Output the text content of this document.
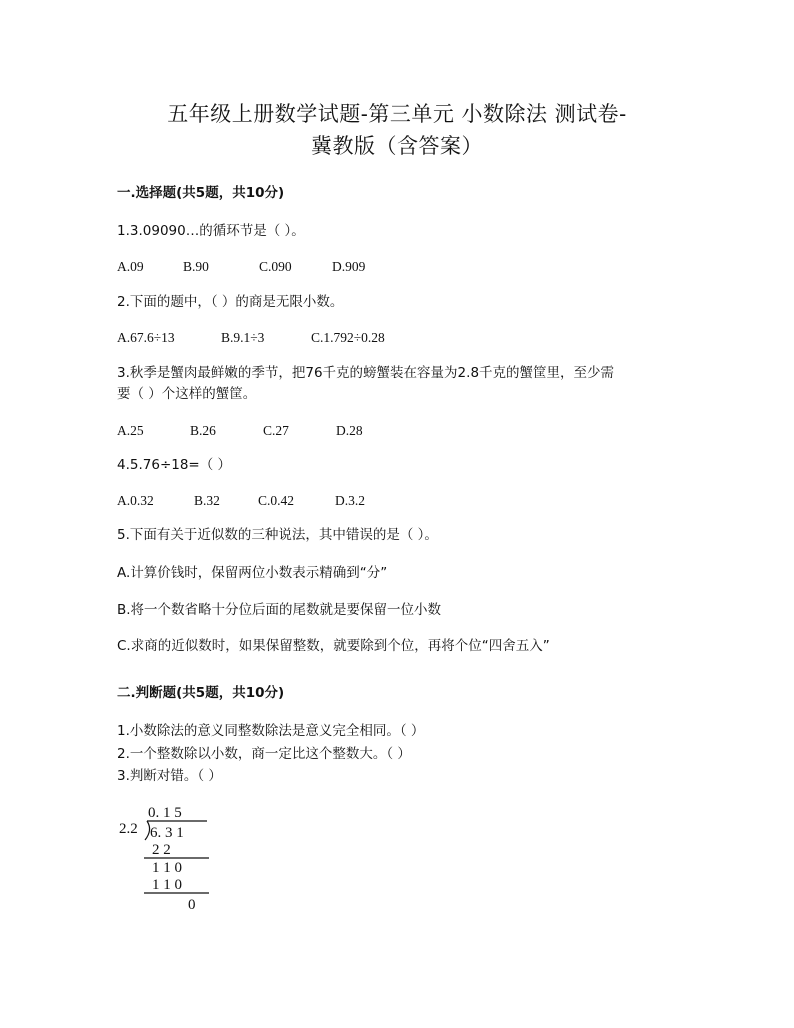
五年级上册数学试题-第三单元 小数除法 测试卷-
冀教版（含答案）
一.选择题(共5题，共10分)
1.3.09090…的循环节是（ ）。
A.09	B.90	C.090	D.909
2.下面的题中，（ ）的商是无限小数。
A.67.6÷13	B.9.1÷3	C.1.792÷0.28
3.秋季是蟹肉最鲜嫩的季节，把76千克的螃蟹装在容量为2.8千克的蟹筐里，至少需
要（ ）个这样的蟹筐。
A.25	B.26	C.27	D.28
4.5.76÷18=（ ）
A.0.32	B.32	C.0.42	D.3.2
5.下面有关于近似数的三种说法，其中错误的是（ ）。
A.计算价钱时，保留两位小数表示精确到“分”
B.将一个数省略十分位后面的尾数就是要保留一位小数
C.求商的近似数时，如果保留整数，就要除到个位，再将个位“四舍五入”
二.判断题(共5题，共10分)
1.小数除法的意义同整数除法是意义完全相同。（ ）
2.一个整数除以小数，商一定比这个整数大。（ ）
3.判断对错。（ ）
0. 1 5
2.2 6. 3 1
2 2
1 1 0
1 1 0
0
